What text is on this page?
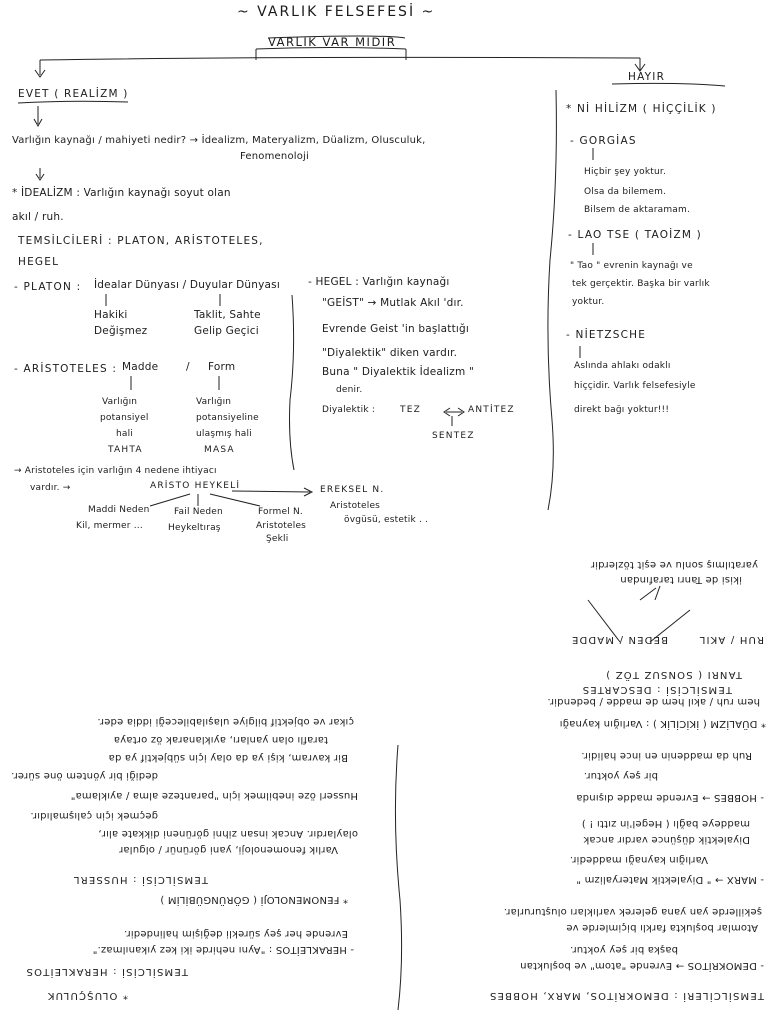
~ VARLIK FELSEFESİ ~
VARLIK VAR MIDIR
EVET ( REALİZM )
Varlığın kaynağı / mahiyeti nedir? → İdealizm, Materyalizm, Düalizm, Olusculuk,
Fenomenoloji
* İDEALİZM : Varlığın kaynağı soyut olan
akıl / ruh.
TEMSİLCİLERİ : PLATON, ARİSTOTELES,
HEGEL
- PLATON : İdealar Dünyası / Duyular Dünyası
Hakiki
Değişmez
Taklit, Sahte
Gelip Geçici
- ARİSTOTELES : Madde	/ Form
Varlığın
potansiyel
hali
TAHTA
Varlığın
potansiyeline
ulaşmış hali
MASA
→ Aristoteles için varlığın 4 nedene ihtiyacı
vardır. →	ARİSTO HEYKELİ	EREKSEL N.
Aristoteles
övgüsü, estetik . .
Maddi Neden
Kil, mermer ...
Fail Neden
Heykeltıraş
Formel N.
Aristoteles
Şekli
- HEGEL : Varlığın kaynağı
"GEİST" → Mutlak Akıl 'dır.
Evrende Geist 'in başlattığı
"Diyalektik" diken vardır.
Buna " Diyalektik İdealizm "
denir.
Diyalektik :	TEZ	ANTİTEZ
SENTEZ
HAYIR
* Nİ HİLİZM ( HİÇÇİLİK )
- GORGİAS
Hiçbir şey yoktur.
Olsa da bilemem.
Bilsem de aktaramam.
- LAO TSE ( TAOİZM )
" Tao " evrenin kaynağı ve
tek gerçektir. Başka bir varlık
yoktur.
- NİETZSCHE
Aslında ahlakı odaklı
hiççidir. Varlık felsefesiyle
direkt bağı yoktur!!!
ikisi de Tanrı tarafından
yaratılmış sonlu ve eşit tözlerdir
RUH / AKIL
BEDEN / MADDE
TANRI ( SONSUZ TÖZ )
TEMSİLCİSİ : DESCARTES
* DÜALİZM ( İKİCİLİK ) : Varlığın kaynağı
hem ruh / akıl hem de madde / bedendir.
Ruh da maddenin en ince halidir.
bir şey yoktur.
- HOBBES → Evrende madde dışında
maddeye bağlı ( Hegel'in zıttı ! )
Diyalektik düşünce vardır ancak
Varlığın kaynağı maddedir.
- MARX → " Diyalektik Materyalizm "
şekillerde yan yana gelerek varlıkları oluştururlar.
Atomlar boşlukta farklı biçimlerde ve
başka bir şey yoktur.
- DEMOKRİTOS → Evrende "atom" ve boşluktan
TEMSİLCİLERİ : DEMOKRİTOS, MARX, HOBBES
* FENOMENOLOJİ ( GÖRÜNGÜBİLİM )
TEMSİLCİSİ : HUSSERL
Varlık fenomenoloji, yani görünür / olgular
olaylardır. Ancak insan zihni görüneni dikkate alır,
geçmek için çalışmalıdır.
Husserl öze inebilmek için "paranteze alma / ayıklama"
dediği bir yöntem öne sürer.
Bir kavram, kişi ya da olay için sübjektif ya da
taraflı olan yanları, ayıklanarak öz ortaya
çıkar ve objektif bilgiye ulaşılabileceği iddia eder.
- HERAKLEİTOS : "Aynı nehirde iki kez yıkanılmaz."
Evrende her şey sürekli değişim halindedir.
TEMSİLCİSİ : HERAKLEİTOS
* OLUŞÇULUK
